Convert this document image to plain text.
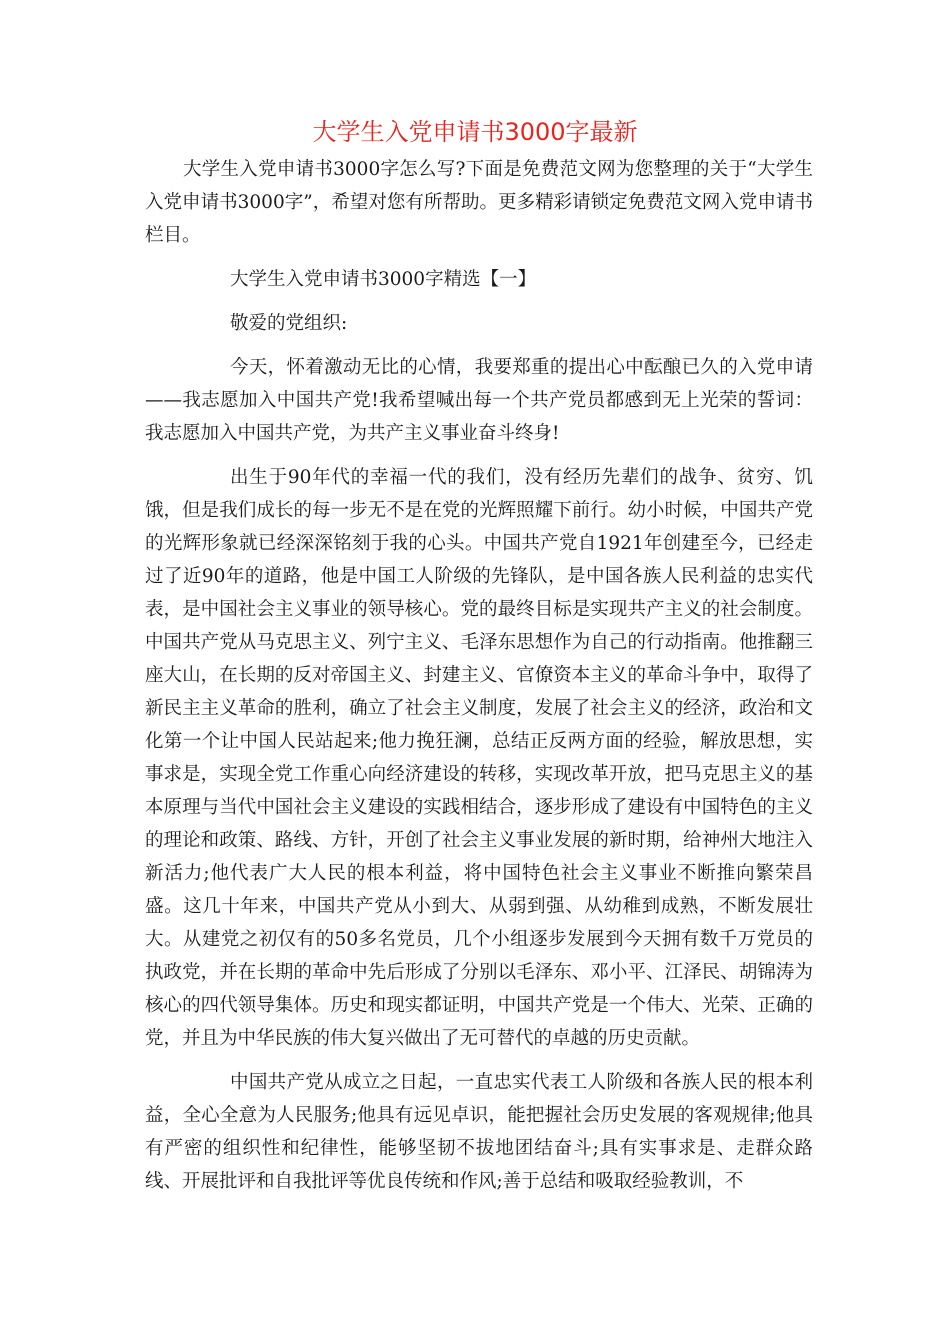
大学生入党申请书3000字最新

大学生入党申请书3000字怎么写?下面是免费范文网为您整理的关于“大学生入党申请书3000字”，希望对您有所帮助。更多精彩请锁定免费范文网入党申请书栏目。

大学生入党申请书3000字精选【一】

敬爱的党组织:

今天，怀着激动无比的心情，我要郑重的提出心中酝酿已久的入党申请——我志愿加入中国共产党!我希望喊出每一个共产党员都感到无上光荣的誓词：我志愿加入中国共产党，为共产主义事业奋斗终身!

出生于90年代的幸福一代的我们，没有经历先辈们的战争、贫穷、饥饿，但是我们成长的每一步无不是在党的光辉照耀下前行。幼小时候，中国共产党的光辉形象就已经深深铭刻于我的心头。中国共产党自1921年创建至今，已经走过了近90年的道路，他是中国工人阶级的先锋队，是中国各族人民利益的忠实代表，是中国社会主义事业的领导核心。党的最终目标是实现共产主义的社会制度。中国共产党从马克思主义、列宁主义、毛泽东思想作为自己的行动指南。他推翻三座大山，在长期的反对帝国主义、封建主义、官僚资本主义的革命斗争中，取得了新民主主义革命的胜利，确立了社会主义制度，发展了社会主义的经济，政治和文化第一个让中国人民站起来;他力挽狂澜，总结正反两方面的经验，解放思想，实事求是，实现全党工作重心向经济建设的转移，实现改革开放，把马克思主义的基本原理与当代中国社会主义建设的实践相结合，逐步形成了建设有中国特色的主义的理论和政策、路线、方针，开创了社会主义事业发展的新时期，给神州大地注入新活力;他代表广大人民的根本利益，将中国特色社会主义事业不断推向繁荣昌盛。这几十年来，中国共产党从小到大、从弱到强、从幼稚到成熟，不断发展壮大。从建党之初仅有的50多名党员，几个小组逐步发展到今天拥有数千万党员的执政党，并在长期的革命中先后形成了分别以毛泽东、邓小平、江泽民、胡锦涛为核心的四代领导集体。历史和现实都证明，中国共产党是一个伟大、光荣、正确的党，并且为中华民族的伟大复兴做出了无可替代的卓越的历史贡献。

中国共产党从成立之日起，一直忠实代表工人阶级和各族人民的根本利益，全心全意为人民服务;他具有远见卓识，能把握社会历史发展的客观规律;他具有严密的组织性和纪律性，能够坚韧不拔地团结奋斗;具有实事求是、走群众路线、开展批评和自我批评等优良传统和作风;善于总结和吸取经验教训，不
